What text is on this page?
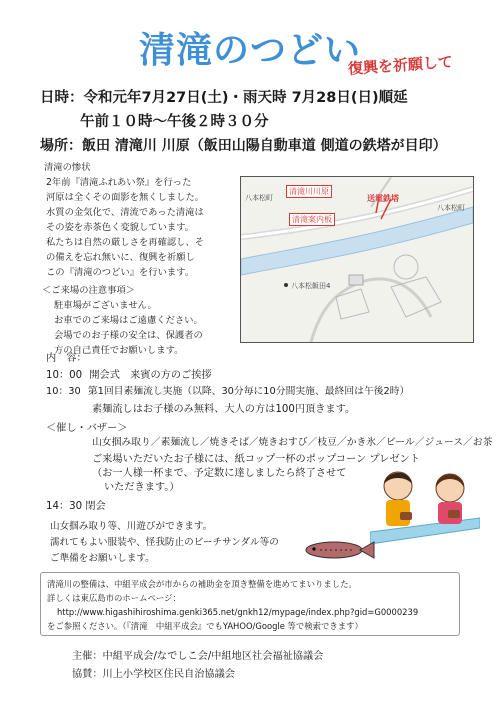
清滝のつどい
復興を祈願して
日時：令和元年7月27日(土)・雨天時 7月28日(日)順延
午前１０時〜午後２時３０分
場所：飯田 清滝川 川原（飯田山陽自動車道 側道の鉄塔が目印）
清滝の惨状
2年前『清滝ふれあい祭』を行った
河原は全くその面影を無くしました。
水質の金気化で、清流であった清滝は
その姿を赤茶色く変貌しています。
私たちは自然の厳しさを再確認し、そ
の備えを忘れ無いに、復興を祈願し
この『清滝のつどい』を行います。
＜ご来場の注意事項＞
駐車場がございません。
お車でのご来場はご遠慮ください。
会場でのお子様の安全は、保護者の
方の自己責任でお願いします。
清滝川川原
清滝案内板
送電鉄塔
八本松町
八本松町
八本松飯田4
内　容：
10：00 開会式　来賓の方のご挨拶
10：30 第1回目素麺流し実施（以降、30分毎に10分間実施、最終回は午後2時）
素麺流しはお子様のみ無料、大人の方は100円頂きます。
＜催し・バザー＞
山女掴み取り／素麺流し／焼きそば／焼きおすび／枝豆／かき氷／ビール／ジュース／お茶
ご来場いただいたお子様には、紙コップ一杯のポップコーン プレゼント
（お一人様一杯まで、予定数に達しましたら終了させて
いただきます。）
14：30 閉会
山女掴み取り等、川遊びができます。
濡れてもよい服装や、怪我防止のビーチサンダル等の
ご準備をお願いします。
清滝川の整備は、中組平成会が市からの補助金を頂き整備を進めてまいりました。
詳しくは東広島市のホームページ：
http://www.higashihiroshima.genki365.net/gnkh12/mypage/index.php?gid=G0000239
をご参照ください。（『清滝　中組平成会』でもYAHOO/Google 等で検索できます）
主催：中組平成会/なでしこ会/中組地区社会福祉協議会
協賛：川上小学校区住民自治協議会
